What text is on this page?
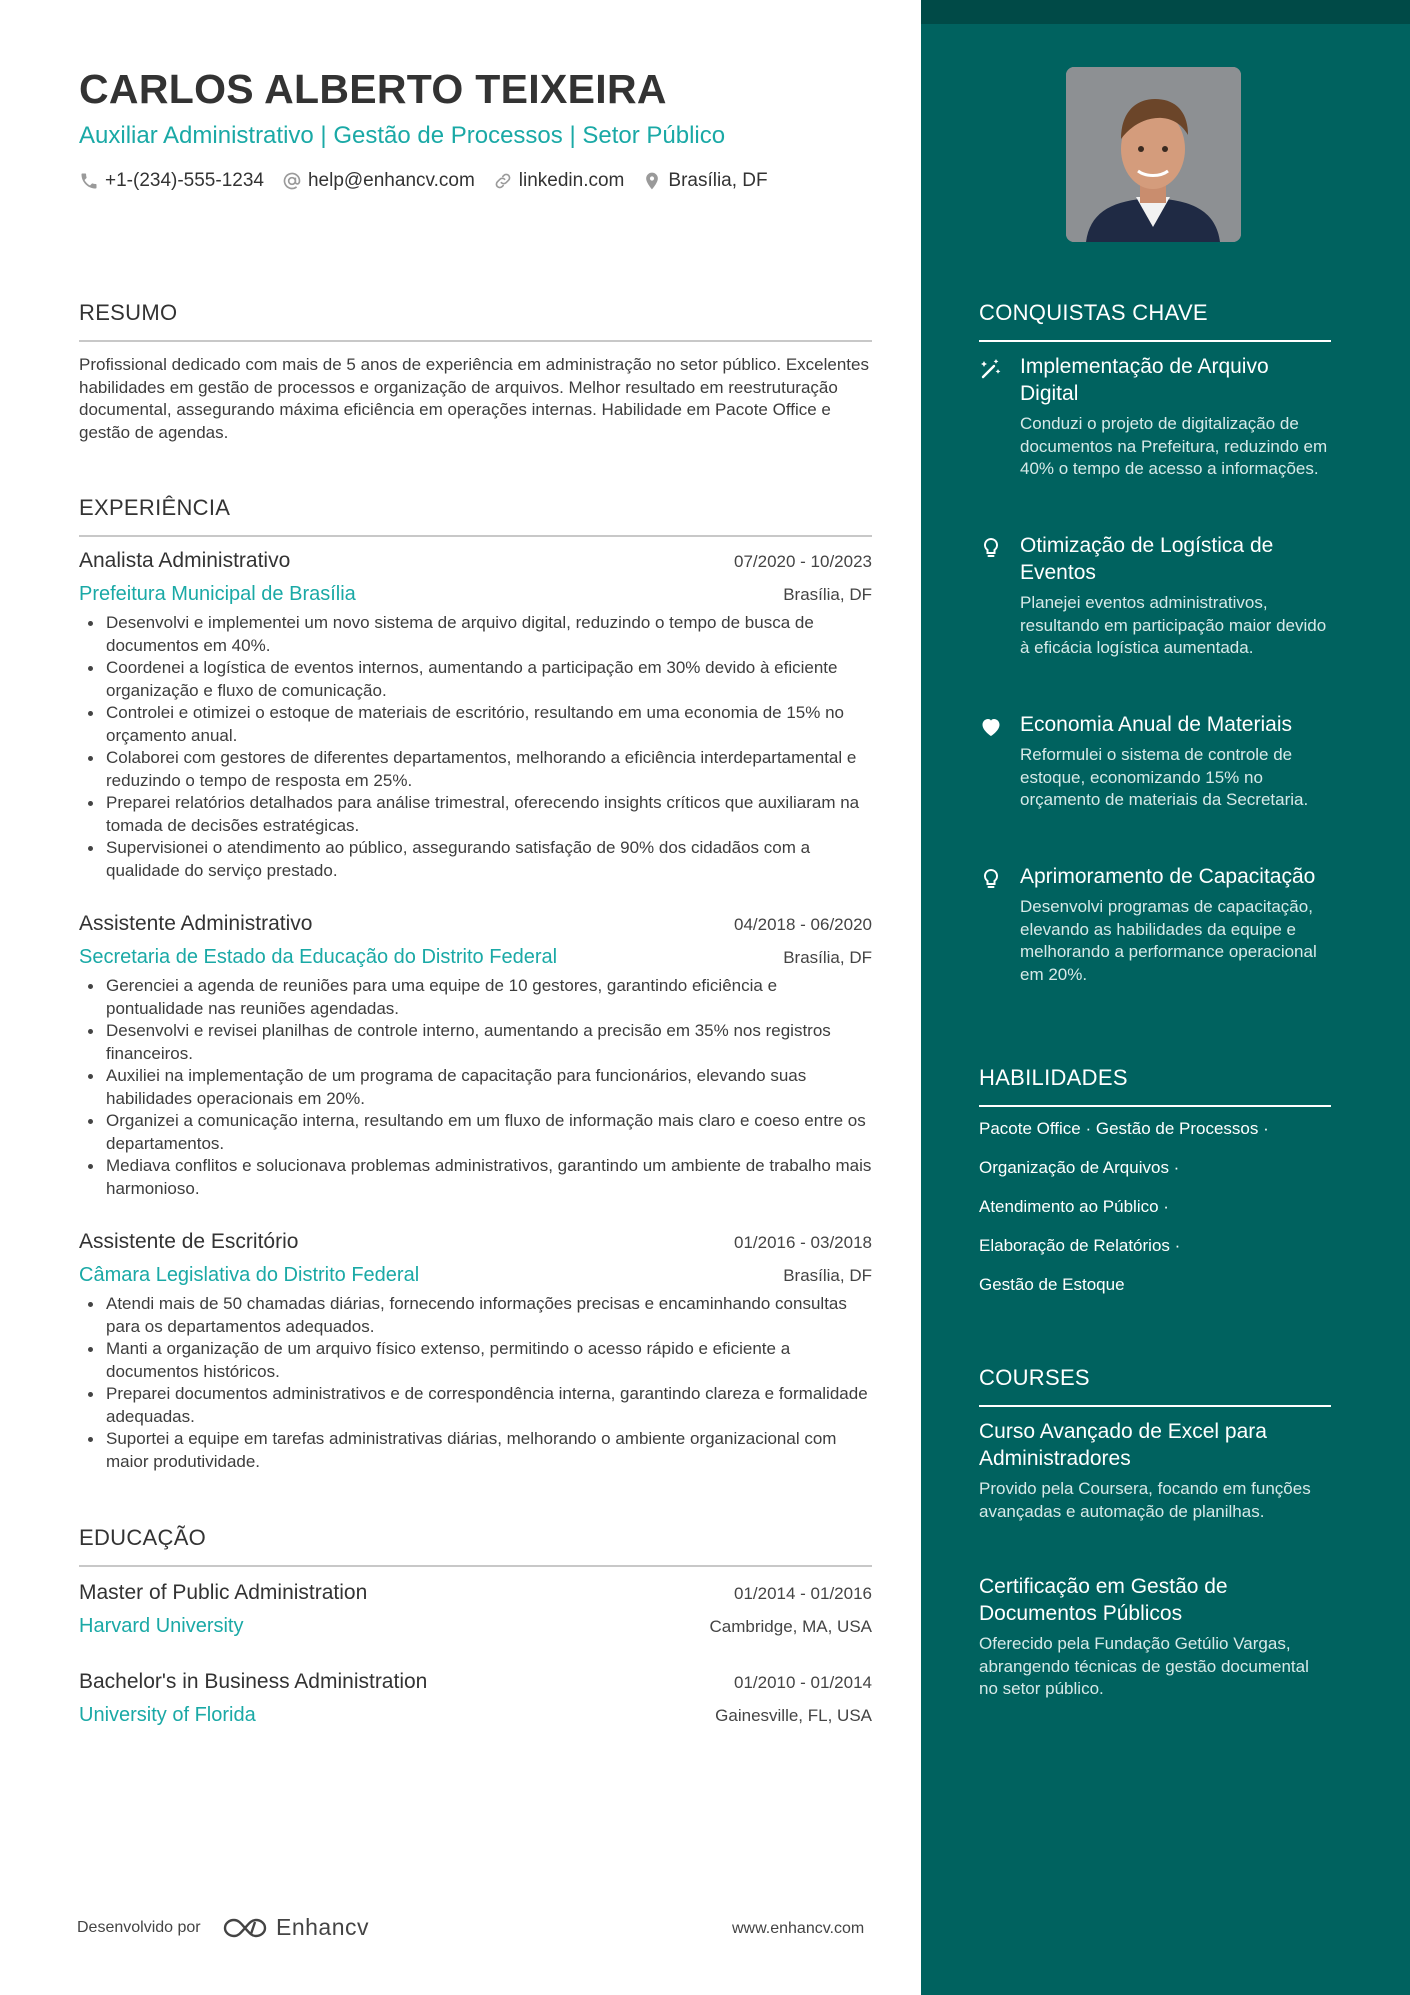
CARLOS ALBERTO TEIXEIRA
Auxiliar Administrativo | Gestão de Processos | Setor Público
+1-(234)-555-1234 help@enhancv.com linkedin.com Brasília, DF
RESUMO
Profissional dedicado com mais de 5 anos de experiência em administração no setor público. Excelentes habilidades em gestão de processos e organização de arquivos. Melhor resultado em reestruturação documental, assegurando máxima eficiência em operações internas. Habilidade em Pacote Office e gestão de agendas.
EXPERIÊNCIA
Analista Administrativo	07/2020 - 10/2023
Prefeitura Municipal de Brasília	Brasília, DF
Desenvolvi e implementei um novo sistema de arquivo digital, reduzindo o tempo de busca de documentos em 40%.
Coordenei a logística de eventos internos, aumentando a participação em 30% devido à eficiente organização e fluxo de comunicação.
Controlei e otimizei o estoque de materiais de escritório, resultando em uma economia de 15% no orçamento anual.
Colaborei com gestores de diferentes departamentos, melhorando a eficiência interdepartamental e reduzindo o tempo de resposta em 25%.
Preparei relatórios detalhados para análise trimestral, oferecendo insights críticos que auxiliaram na tomada de decisões estratégicas.
Supervisionei o atendimento ao público, assegurando satisfação de 90% dos cidadãos com a qualidade do serviço prestado.
Assistente Administrativo	04/2018 - 06/2020
Secretaria de Estado da Educação do Distrito Federal	Brasília, DF
Gerenciei a agenda de reuniões para uma equipe de 10 gestores, garantindo eficiência e pontualidade nas reuniões agendadas.
Desenvolvi e revisei planilhas de controle interno, aumentando a precisão em 35% nos registros financeiros.
Auxiliei na implementação de um programa de capacitação para funcionários, elevando suas habilidades operacionais em 20%.
Organizei a comunicação interna, resultando em um fluxo de informação mais claro e coeso entre os departamentos.
Mediava conflitos e solucionava problemas administrativos, garantindo um ambiente de trabalho mais harmonioso.
Assistente de Escritório	01/2016 - 03/2018
Câmara Legislativa do Distrito Federal	Brasília, DF
Atendi mais de 50 chamadas diárias, fornecendo informações precisas e encaminhando consultas para os departamentos adequados.
Manti a organização de um arquivo físico extenso, permitindo o acesso rápido e eficiente a documentos históricos.
Preparei documentos administrativos e de correspondência interna, garantindo clareza e formalidade adequadas.
Suportei a equipe em tarefas administrativas diárias, melhorando o ambiente organizacional com maior produtividade.
EDUCAÇÃO
Master of Public Administration	01/2014 - 01/2016
Harvard University	Cambridge, MA, USA
Bachelor's in Business Administration	01/2010 - 01/2014
University of Florida	Gainesville, FL, USA
Desenvolvido por	Enhancv	www.enhancv.com
CONQUISTAS CHAVE
Implementação de Arquivo Digital
Conduzi o projeto de digitalização de documentos na Prefeitura, reduzindo em 40% o tempo de acesso a informações.
Otimização de Logística de Eventos
Planejei eventos administrativos, resultando em participação maior devido à eficácia logística aumentada.
Economia Anual de Materiais
Reformulei o sistema de controle de estoque, economizando 15% no orçamento de materiais da Secretaria.
Aprimoramento de Capacitação
Desenvolvi programas de capacitação, elevando as habilidades da equipe e melhorando a performance operacional em 20%.
HABILIDADES
Pacote Office · Gestão de Processos ·
Organização de Arquivos ·
Atendimento ao Público ·
Elaboração de Relatórios ·
Gestão de Estoque
COURSES
Curso Avançado de Excel para Administradores
Provido pela Coursera, focando em funções avançadas e automação de planilhas.
Certificação em Gestão de Documentos Públicos
Oferecido pela Fundação Getúlio Vargas, abrangendo técnicas de gestão documental no setor público.
